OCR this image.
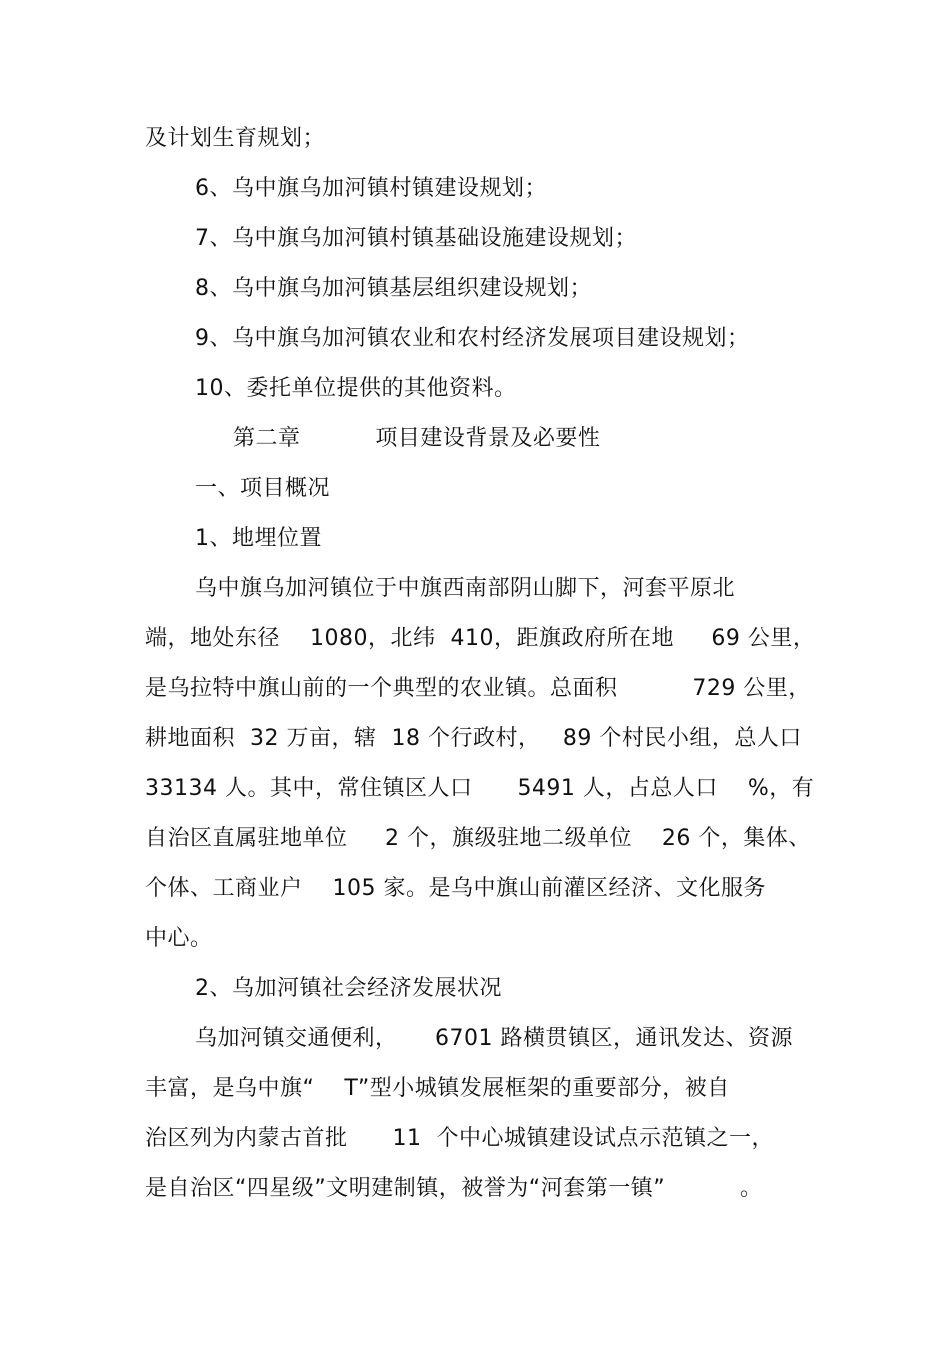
及计划生育规划；
6、乌中旗乌加河镇村镇建设规划；
7、乌中旗乌加河镇村镇基础设施建设规划；
8、乌中旗乌加河镇基层组织建设规划；
9、乌中旗乌加河镇农业和农村经济发展项目建设规划；
10、委托单位提供的其他资料。
第二章          项目建设背景及必要性
一、项目概况
1、地埋位置
乌中旗乌加河镇位于中旗西南部阴山脚下，河套平原北
端，地处东径    1080，北纬  410，距旗政府所在地     69 公里，
是乌拉特中旗山前的一个典型的农业镇。总面积          729 公里，
耕地面积  32 万亩，辖  18 个行政村，   89 个村民小组，总人口
33134 人。其中，常住镇区人口      5491 人，占总人口    %，有
自治区直属驻地单位     2 个，旗级驻地二级单位    26 个，集体、
个体、工商业户    105 家。是乌中旗山前灌区经济、文化服务
中心。
2、乌加河镇社会经济发展状况
乌加河镇交通便利，     6701 路横贯镇区，通讯发达、资源
丰富，是乌中旗“    T”型小城镇发展框架的重要部分，被自
治区列为内蒙古首批      11  个中心城镇建设试点示范镇之一，
是自治区“四星级”文明建制镇，被誉为“河套第一镇”          。
